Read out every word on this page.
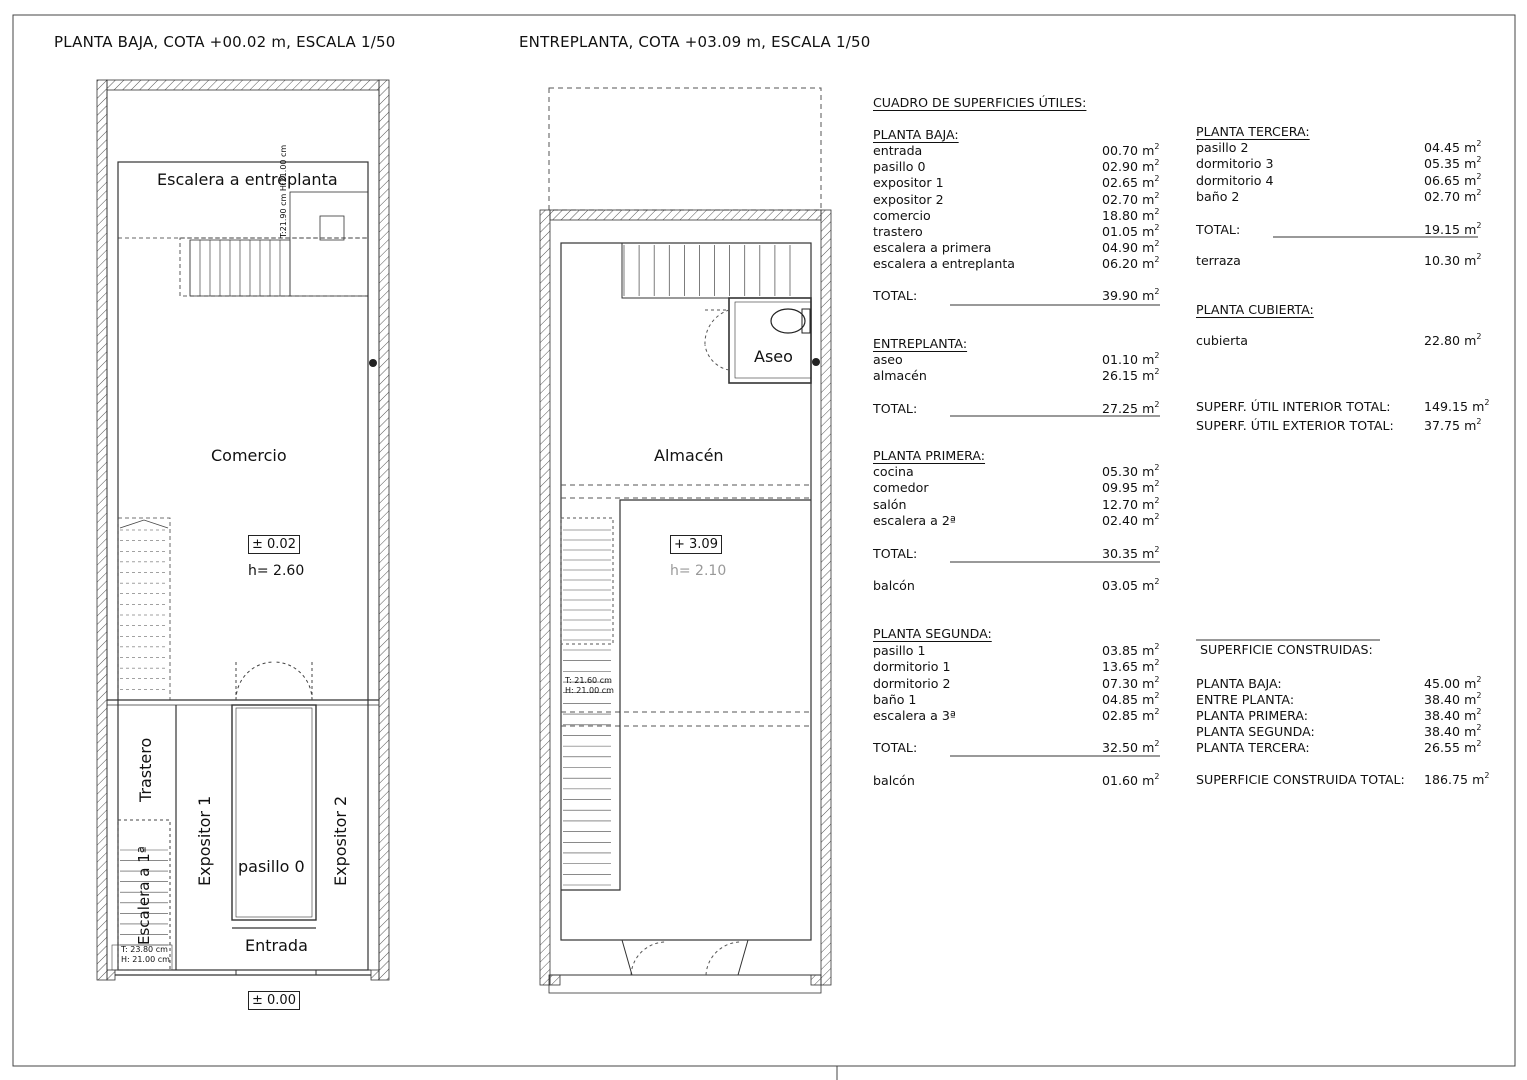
PLANTA BAJA, COTA +00.02 m, ESCALA 1/50	ENTREPLANTA, COTA +03.09 m, ESCALA 1/50
Escalera a entreplanta
T:21.90 cm H:21.00 cm
Comercio
± 0.02
h= 2.60
Trastero
Escalera a 1ª
T: 23.80 cm
H: 21.00 cm
Expositor 1 pasillo 0 Expositor 2
Entrada
± 0.00
Aseo
Almacén
+ 3.09
h= 2.10
T: 21.60 cm
H: 21.00 cm
CUADRO DE SUPERFICIES ÚTILES:
PLANTA BAJA:
entrada	00.70 $m^2$
pasillo 0	02.90 $m^2$
expositor 1	02.65 $m^2$
expositor 2	02.70 $m^2$
comercio	18.80 $m^2$
trastero	01.05 $m^2$
escalera a primera	04.90 $m^2$
escalera a entreplanta	06.20 $m^2$
TOTAL:	39.90 $m^2$
ENTREPLANTA:
aseo	01.10 $m^2$
almacén	26.15 $m^2$
TOTAL:	27.25 $m^2$
PLANTA PRIMERA:
cocina	05.30 $m^2$
comedor	09.95 $m^2$
salón	12.70 $m^2$
escalera a 2ª	02.40 $m^2$
TOTAL:	30.35 $m^2$
balcón	03.05 $m^2$
PLANTA SEGUNDA:
pasillo 1	03.85 $m^2$
dormitorio 1	13.65 $m^2$
dormitorio 2	07.30 $m^2$
baño 1	04.85 $m^2$
escalera a 3ª	02.85 $m^2$
TOTAL:	32.50 $m^2$
balcón	01.60 $m^2$
PLANTA TERCERA:
pasillo 2	04.45 $m^2$
dormitorio 3	05.35 $m^2$
dormitorio 4	06.65 $m^2$
baño 2	02.70 $m^2$
TOTAL:	19.15 $m^2$
terraza	10.30 $m^2$
PLANTA CUBIERTA:
cubierta	22.80 $m^2$
SUPERF. ÚTIL INTERIOR TOTAL:	149.15 $m^2$
SUPERF. ÚTIL EXTERIOR TOTAL: 37.75 $m^2$
SUPERFICIE CONSTRUIDAS:
PLANTA BAJA:	45.00 $m^2$
ENTRE PLANTA:	38.40 $m^2$
PLANTA PRIMERA:	38.40 $m^2$
PLANTA SEGUNDA:	38.40 $m^2$
PLANTA TERCERA:	26.55 $m^2$
SUPERFICIE CONSTRUIDA TOTAL: 186.75 $m^2$
